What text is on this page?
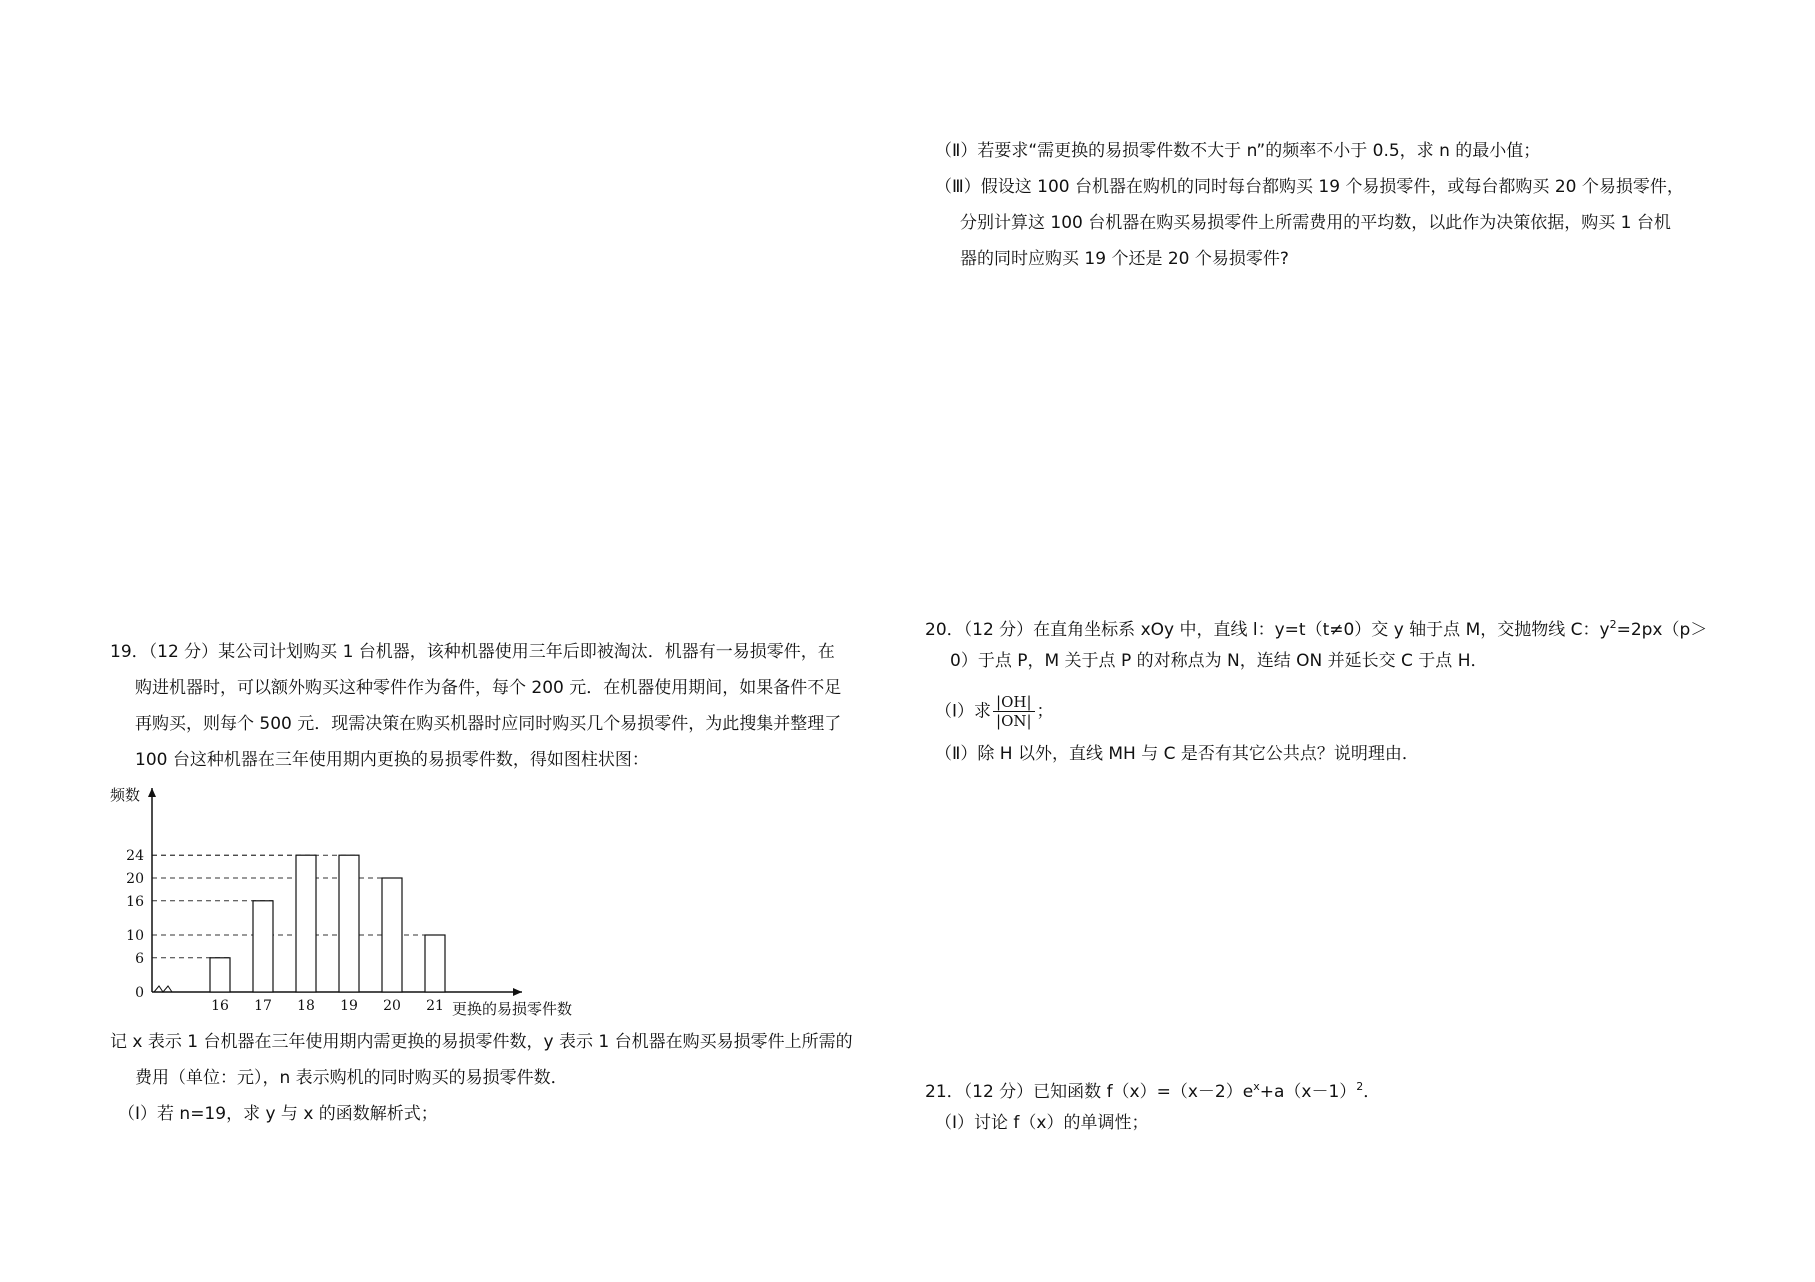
（Ⅱ）若要求“需更换的易损零件数不大于 n”的频率不小于 0.5，求 n 的最小值；
（Ⅲ）假设这 100 台机器在购机的同时每台都购买 19 个易损零件，或每台都购买 20 个易损零件，
分别计算这 100 台机器在购买易损零件上所需费用的平均数，以此作为决策依据，购买 1 台机
器的同时应购买 19 个还是 20 个易损零件?
19．（12 分）某公司计划购买 1 台机器，该种机器使用三年后即被淘汰．机器有一易损零件，在
购进机器时，可以额外购买这种零件作为备件，每个 200 元．在机器使用期间，如果备件不足
再购买，则每个 500 元．现需决策在购买机器时应同时购买几个易损零件，为此搜集并整理了
100 台这种机器在三年使用期内更换的易损零件数，得如图柱状图：
16 17 18 19 20 21
0
6
10
16
20
24
频数
更换的易损零件数
记 x 表示 1 台机器在三年使用期内需更换的易损零件数，y 表示 1 台机器在购买易损零件上所需的
费用（单位：元），n 表示购机的同时购买的易损零件数．
（Ⅰ）若 n=19，求 y 与 x 的函数解析式；
20．（12 分）在直角坐标系 xOy 中，直线 l：y=t（t≠0）交 y 轴于点 M，交抛物线 C：$y^2=2px(p>$
0）于点 P，M 关于点 P 的对称点为 N，连结 ON 并延长交 C 于点 H．
（Ⅰ）求 $\frac{|OH|}{|ON|}$ ；
（Ⅱ）除 H 以外，直线 MH 与 C 是否有其它公共点？说明理由．
21．（12 分）已知函数 $f(x)=(x-2)e^x+a(x-1)^2$．
（Ⅰ）讨论 f（x）的单调性；
